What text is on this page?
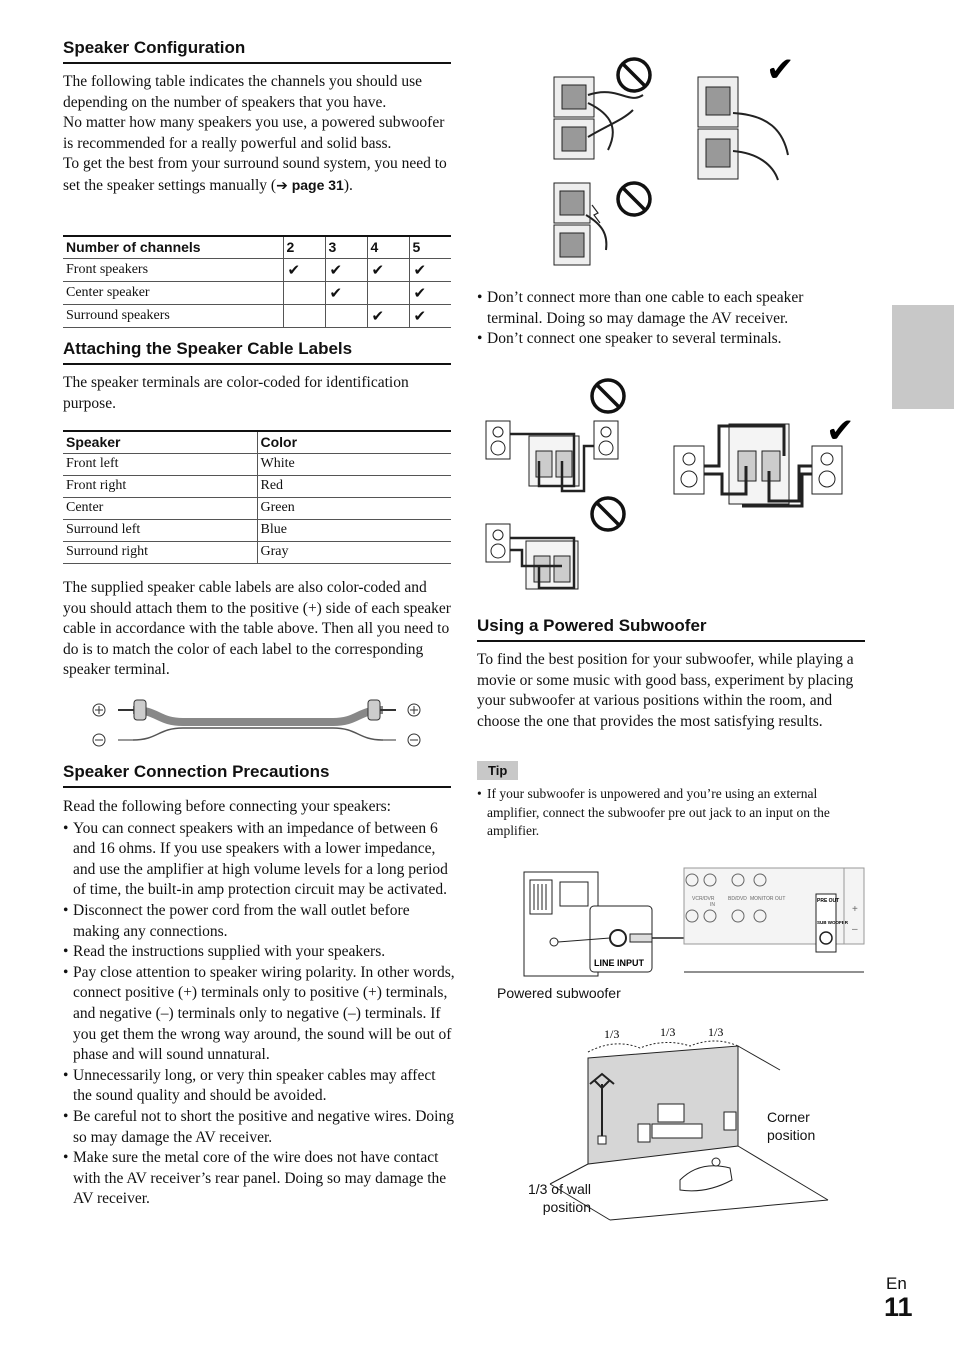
Speaker Configuration

The following table indicates the channels you should use depending on the number of speakers that you have.

No matter how many speakers you use, a powered subwoofer is recommended for a really powerful and solid bass.

To get the best from your surround sound system, you need to set the speaker settings manually (➔ page 31).

Number of channels	2	3	4	5
Front speakers	✔	✔	✔	✔
Center speaker		✔		✔
Surround speakers			✔	✔
Attaching the Speaker Cable Labels
The speaker terminals are color-coded for identification purpose.
Speaker	Color
Front left	White
Front right	Red
Center	Green
Surround left	Blue
Surround right	Gray
The supplied speaker cable labels are also color-coded and you should attach them to the positive (+) side of each speaker cable in accordance with the table above. Then all you need to do is to match the color of each label to the corresponding speaker terminal.
Speaker Connection Precautions

Read the following before connecting your speakers:

• You can connect speakers with an impedance of between 6 and 16 ohms. If you use speakers with a lower impedance, and use the amplifier at high volume levels for a long period of time, the built-in amp protection circuit may be activated.
• Disconnect the power cord from the wall outlet before making any connections.
• Read the instructions supplied with your speakers.
• Pay close attention to speaker wiring polarity. In other words, connect positive (+) terminals only to positive (+) terminals, and negative (–) terminals only to negative (–) terminals. If you get them the wrong way around, the sound will be out of phase and will sound unnatural.
• Unnecessarily long, or very thin speaker cables may affect the sound quality and should be avoided.
• Be careful not to short the positive and negative wires. Doing so may damage the AV receiver.
• Make sure the metal core of the wire does not have contact with the AV receiver’s rear panel. Doing so may damage the AV receiver.
✔
• Don’t connect more than one cable to each speaker terminal. Doing so may damage the AV receiver.
• Don’t connect one speaker to several terminals.
✔
Using a Powered Subwoofer
To find the best position for your subwoofer, while playing a movie or some music with good bass, experiment by placing your subwoofer at various positions within the room, and choose the one that provides the most satisfying results.
Tip
• If your subwoofer is unpowered and you’re using an external amplifier, connect the subwoofer pre out jack to an input on the amplifier.
LINE INPUT
VCR/DVR
IN
BD/DVD MONITOR OUT	PRE OUT
SUB WOOFER
+
–
Powered subwoofer
1/3	1/3	1/3
Corner position
1/3 of wall position
En
11
